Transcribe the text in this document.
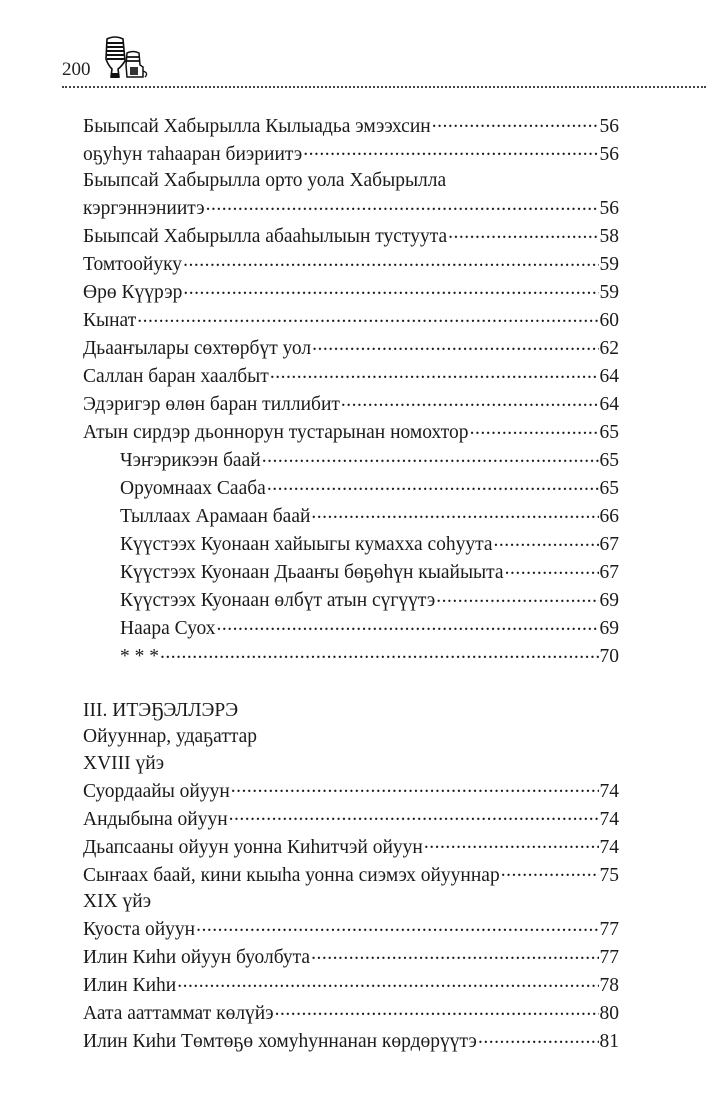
200
Быыпсай Хабырылла Кылыадьа эмээхсин .....	56
оҕуһун таһааран биэриитэ .....	56
Быыпсай Хабырылла орто уола Хабырылла
кэргэннэниитэ .....	56
Быыпсай Хабырылла абааһылыын тустуута .....	58
Томтоойуку .....	59
Өрө Күүрэр .....	59
Кынат .....	60
Дьааҥылары сөхтөрбүт уол .....	62
Саллан баран хаалбыт .....	64
Эдэригэр өлөн баран тиллибит .....	64
Атын сирдэр дьоннорун тустарынан номохтор .....	65
Чэҥэрикээн баай .....	65
Оруомнаах Сааба .....	65
Тыллаах Арамаан баай .....	66
Күүстээх Куонаан хайыыгы кумахха соһуута .....	67
Күүстээх Куонаан Дьааҥы бөҕөһүн кыайыыта .....	67
Күүстээх Куонаан өлбүт атын сүгүүтэ .....	69
Наара Суох .....	69
* * * .....	70
III. ИТЭҔЭЛЛЭРЭ
Ойууннар, удаҕаттар
XVIII үйэ
Суордаайы ойуун .....	74
Андыбына ойуун .....	74
Дьапсааны ойуун уонна Киһитчэй ойуун .....	74
Сыҥаах баай, кини кыыһа уонна сиэмэх ойууннар .....	75
XIX үйэ
Куоста ойуун .....	77
Илин Киһи ойуун буолбута .....	77
Илин Киһи .....	78
Аата ааттаммат көлүйэ .....	80
Илин Киһи Төмтөҕө хомуһуннанан көрдөрүүтэ .....	81
